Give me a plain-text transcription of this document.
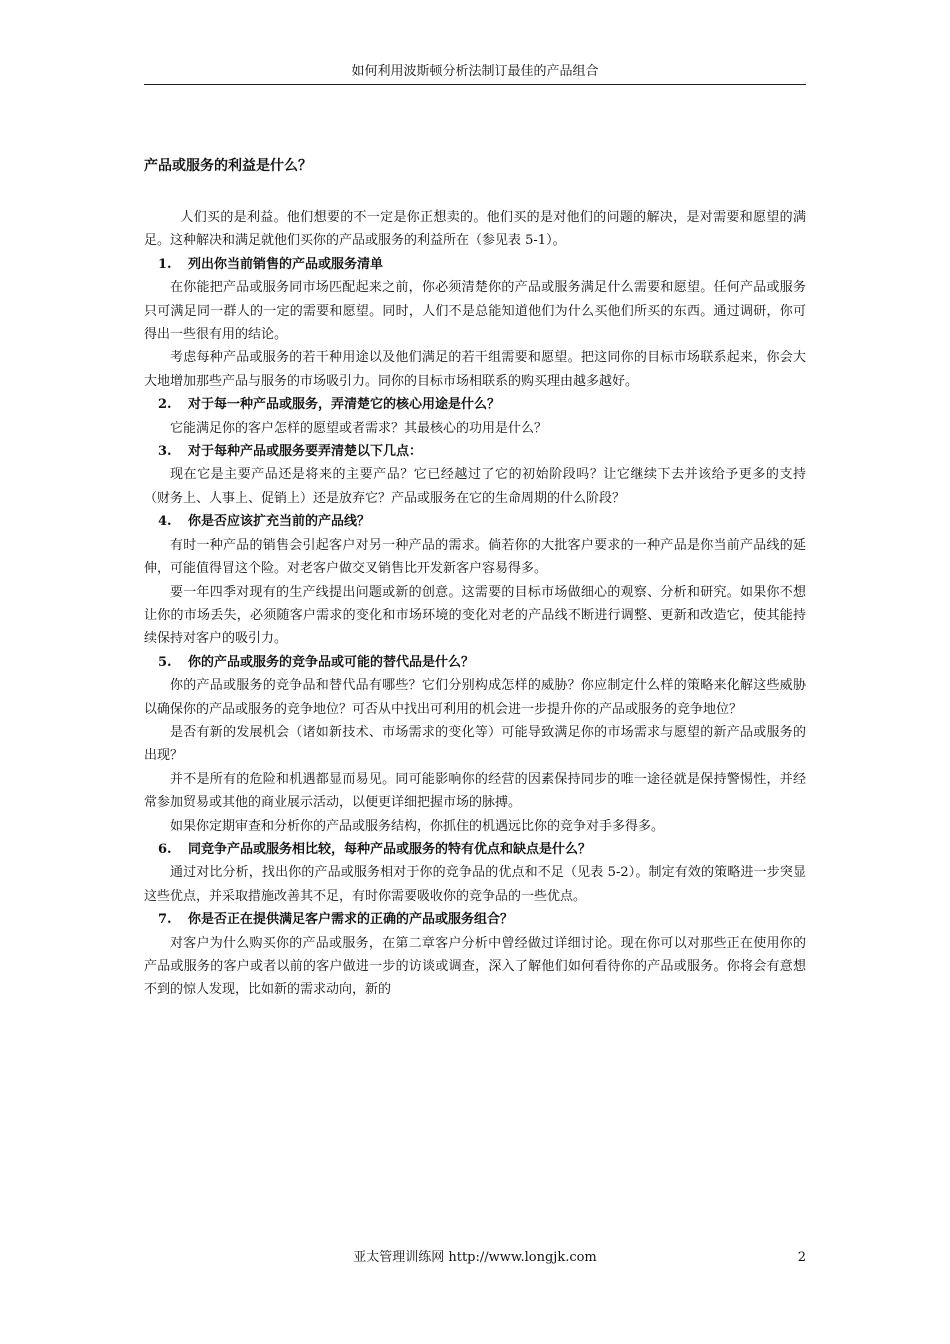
如何利用波斯顿分析法制订最佳的产品组合
产品或服务的利益是什么？

人们买的是利益。他们想要的不一定是你正想卖的。他们买的是对他们的问题的解决，是对需要和愿望的满足。这种解决和满足就他们买你的产品或服务的利益所在（参见表 5-1）。

1. 列出你当前销售的产品或服务清单

在你能把产品或服务同市场匹配起来之前，你必须清楚你的产品或服务满足什么需要和愿望。任何产品或服务只可满足同一群人的一定的需要和愿望。同时，人们不是总能知道他们为什么买他们所买的东西。通过调研，你可得出一些很有用的结论。

考虑每种产品或服务的若干种用途以及他们满足的若干组需要和愿望。把这同你的目标市场联系起来，你会大大地增加那些产品与服务的市场吸引力。同你的目标市场相联系的购买理由越多越好。

2. 对于每一种产品或服务，弄清楚它的核心用途是什么？

它能满足你的客户怎样的愿望或者需求？其最核心的功用是什么？

3. 对于每种产品或服务要弄清楚以下几点：

现在它是主要产品还是将来的主要产品？它已经越过了它的初始阶段吗？让它继续下去并该给予更多的支持（财务上、人事上、促销上）还是放弃它？产品或服务在它的生命周期的什么阶段？

4. 你是否应该扩充当前的产品线？

有时一种产品的销售会引起客户对另一种产品的需求。倘若你的大批客户要求的一种产品是你当前产品线的延伸，可能值得冒这个险。对老客户做交叉销售比开发新客户容易得多。

要一年四季对现有的生产线提出问题或新的创意。这需要的目标市场做细心的观察、分析和研究。如果你不想让你的市场丢失，必须随客户需求的变化和市场环境的变化对老的产品线不断进行调整、更新和改造它，使其能持续保持对客户的吸引力。

5. 你的产品或服务的竞争品或可能的替代品是什么？

你的产品或服务的竞争品和替代品有哪些？它们分别构成怎样的威胁？你应制定什么样的策略来化解这些威胁以确保你的产品或服务的竞争地位？可否从中找出可利用的机会进一步提升你的产品或服务的竞争地位？

是否有新的发展机会（诸如新技术、市场需求的变化等）可能导致满足你的市场需求与愿望的新产品或服务的出现？

并不是所有的危险和机遇都显而易见。同可能影响你的经营的因素保持同步的唯一途径就是保持警惕性，并经常参加贸易或其他的商业展示活动，以便更详细把握市场的脉搏。

如果你定期审查和分析你的产品或服务结构，你抓住的机遇远比你的竞争对手多得多。

6. 同竞争产品或服务相比较，每种产品或服务的特有优点和缺点是什么？

通过对比分析，找出你的产品或服务相对于你的竞争品的优点和不足（见表 5-2）。制定有效的策略进一步突显这些优点，并采取措施改善其不足，有时你需要吸收你的竞争品的一些优点。

7. 你是否正在提供满足客户需求的正确的产品或服务组合？

对客户为什么购买你的产品或服务，在第二章客户分析中曾经做过详细讨论。现在你可以对那些正在使用你的产品或服务的客户或者以前的客户做进一步的访谈或调查，深入了解他们如何看待你的产品或服务。你将会有意想不到的惊人发现，比如新的需求动向，新的

亚太管理训练网 http://www.longjk.com	2
